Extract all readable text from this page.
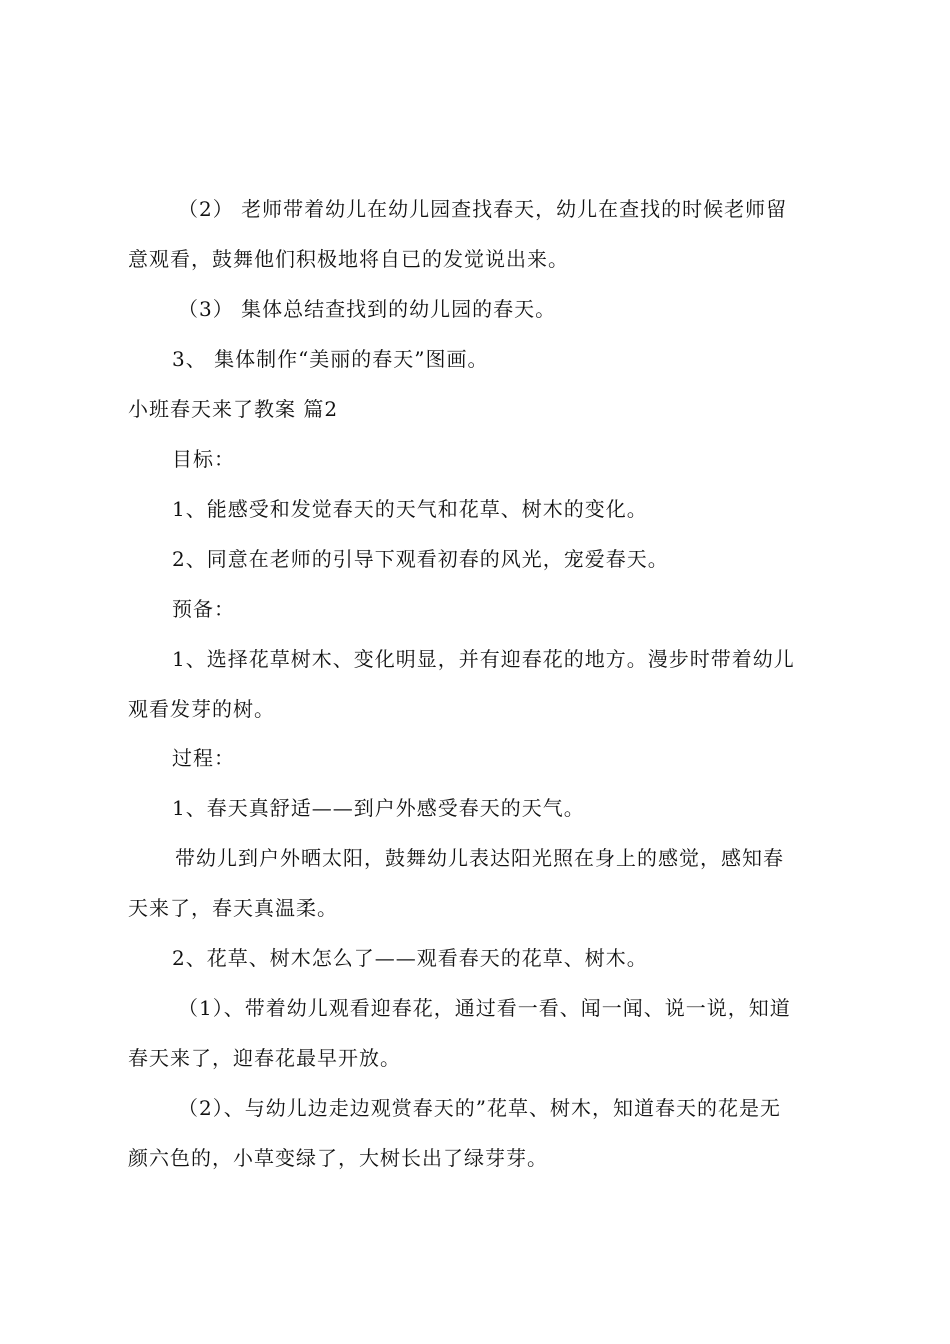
（2） 老师带着幼儿在幼儿园查找春天，幼儿在查找的时候老师留
意观看，鼓舞他们积极地将自已的发觉说出来。
（3） 集体总结查找到的幼儿园的春天。
3、 集体制作“美丽的春天”图画。
小班春天来了教案 篇2
目标：
1、能感受和发觉春天的天气和花草、树木的变化。
2、同意在老师的引导下观看初春的风光，宠爱春天。
预备：
1、选择花草树木、变化明显，并有迎春花的地方。漫步时带着幼儿
观看发芽的树。
过程：
1、春天真舒适——到户外感受春天的天气。
带幼儿到户外晒太阳，鼓舞幼儿表达阳光照在身上的感觉，感知春
天来了，春天真温柔。
2、花草、树木怎么了——观看春天的花草、树木。
（1）、带着幼儿观看迎春花，通过看一看、闻一闻、说一说，知道
春天来了，迎春花最早开放。
（2）、与幼儿边走边观赏春天的”花草、树木，知道春天的花是无
颜六色的，小草变绿了，大树长出了绿芽芽。
